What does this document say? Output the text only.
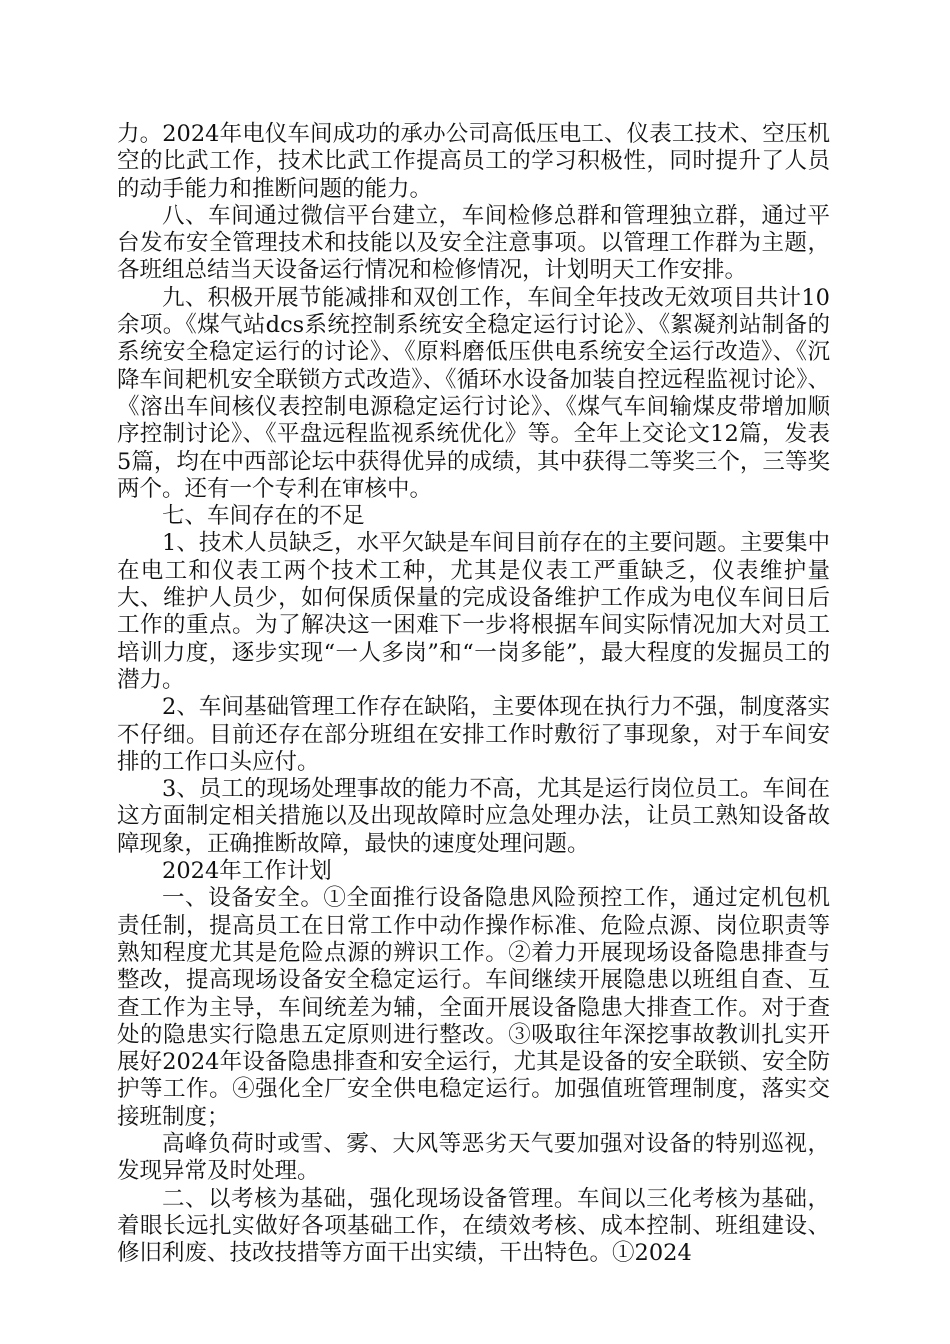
力。2024年电仪车间成功的承办公司高低压电工、仪表工技术、空压机空的比武工作，技术比武工作提高员工的学习积极性，同时提升了人员的动手能力和推断问题的能力。

八、车间通过微信平台建立，车间检修总群和管理独立群，通过平台发布安全管理技术和技能以及安全注意事项。以管理工作群为主题，各班组总结当天设备运行情况和检修情况，计划明天工作安排。

九、积极开展节能减排和双创工作，车间全年技改无效项目共计10余项。《煤气站dcs系统控制系统安全稳定运行讨论》、《絮凝剂站制备的系统安全稳定运行的讨论》、《原料磨低压供电系统安全运行改造》、《沉降车间耙机安全联锁方式改造》、《循环水设备加装自控远程监视讨论》、《溶出车间核仪表控制电源稳定运行讨论》、《煤气车间输煤皮带增加顺序控制讨论》、《平盘远程监视系统优化》等。全年上交论文12篇，发表5篇，均在中西部论坛中获得优异的成绩，其中获得二等奖三个，三等奖两个。还有一个专利在审核中。

七、车间存在的不足

1、技术人员缺乏，水平欠缺是车间目前存在的主要问题。主要集中在电工和仪表工两个技术工种，尤其是仪表工严重缺乏，仪表维护量大、维护人员少，如何保质保量的完成设备维护工作成为电仪车间日后工作的重点。为了解决这一困难下一步将根据车间实际情况加大对员工培训力度，逐步实现“一人多岗”和“一岗多能”，最大程度的发掘员工的潜力。

2、车间基础管理工作存在缺陷，主要体现在执行力不强，制度落实不仔细。目前还存在部分班组在安排工作时敷衍了事现象，对于车间安排的工作口头应付。

3、员工的现场处理事故的能力不高，尤其是运行岗位员工。车间在这方面制定相关措施以及出现故障时应急处理办法，让员工熟知设备故障现象，正确推断故障，最快的速度处理问题。

2024年工作计划

一、设备安全。①全面推行设备隐患风险预控工作，通过定机包机责任制，提高员工在日常工作中动作操作标准、危险点源、岗位职责等熟知程度尤其是危险点源的辨识工作。②着力开展现场设备隐患排查与整改，提高现场设备安全稳定运行。车间继续开展隐患以班组自查、互查工作为主导，车间统差为辅，全面开展设备隐患大排查工作。对于查处的隐患实行隐患五定原则进行整改。③吸取往年深挖事故教训扎实开展好2024年设备隐患排查和安全运行，尤其是设备的安全联锁、安全防护等工作。④强化全厂安全供电稳定运行。加强值班管理制度，落实交接班制度；

高峰负荷时或雪、雾、大风等恶劣天气要加强对设备的特别巡视，发现异常及时处理。

二、以考核为基础，强化现场设备管理。车间以三化考核为基础，着眼长远扎实做好各项基础工作，在绩效考核、成本控制、班组建设、修旧利废、技改技措等方面干出实绩，干出特色。①2024
